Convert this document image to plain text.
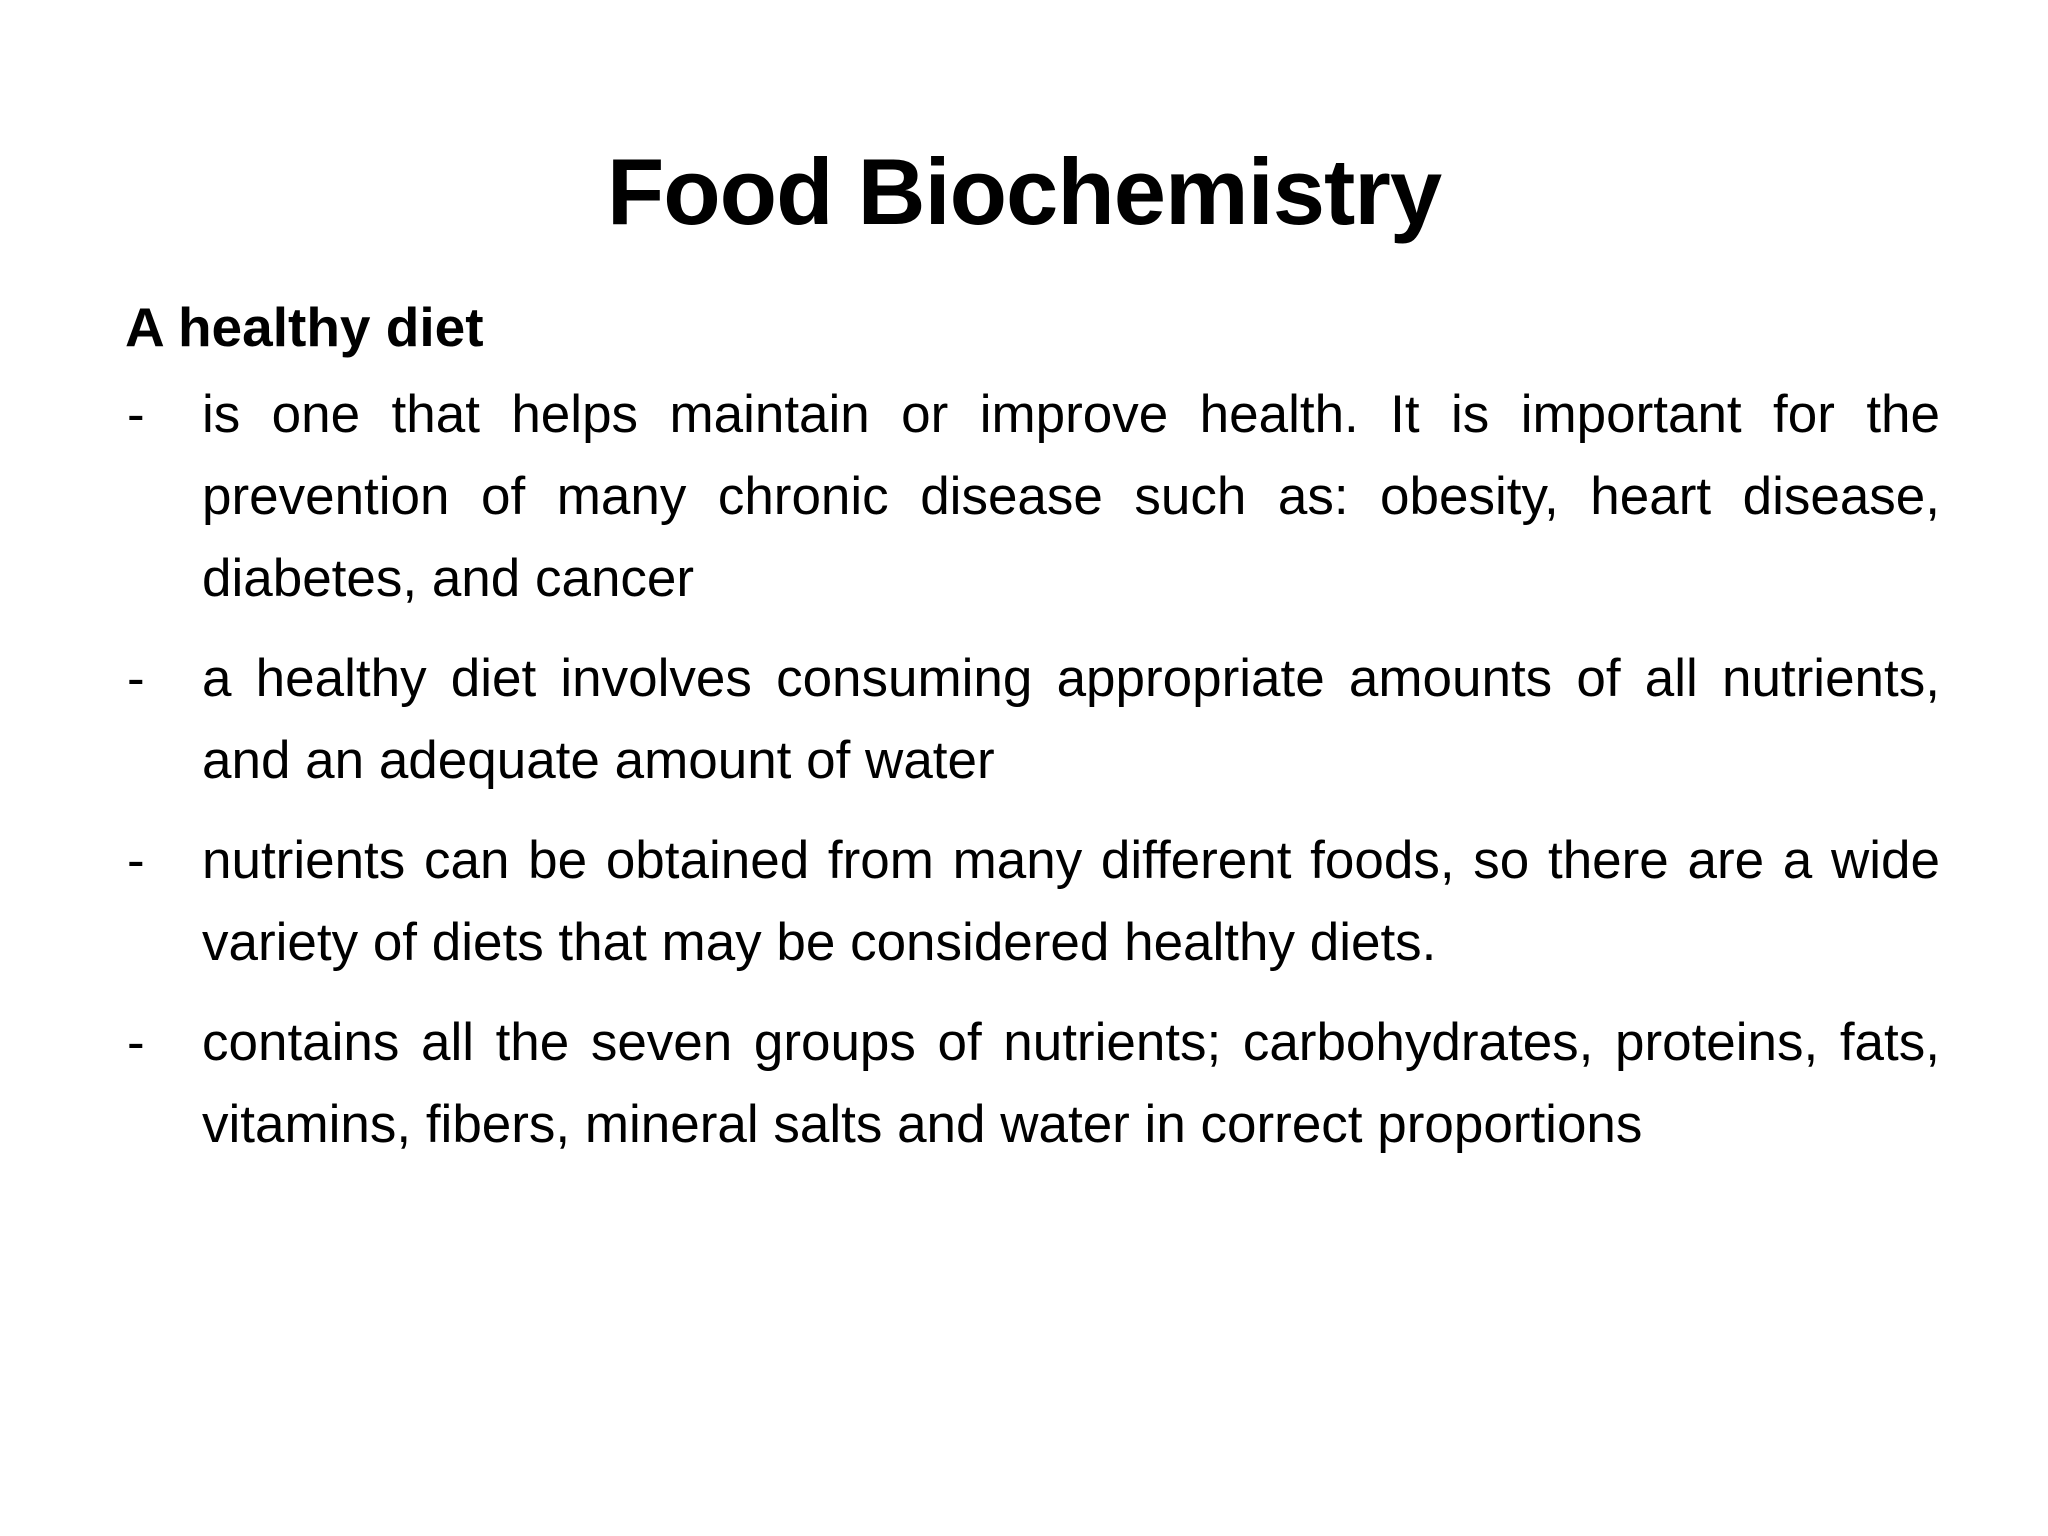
Food Biochemistry
A healthy diet
- is one that helps maintain or improve health. It is important for the prevention of many chronic disease such as: obesity, heart disease, diabetes, and cancer
- a healthy diet involves consuming appropriate amounts of all nutrients, and an adequate amount of water
- nutrients can be obtained from many different foods, so there are a wide variety of diets that may be considered healthy diets.
- contains all the seven groups of nutrients; carbohydrates, proteins, fats, vitamins, fibers, mineral salts and water in correct proportions
